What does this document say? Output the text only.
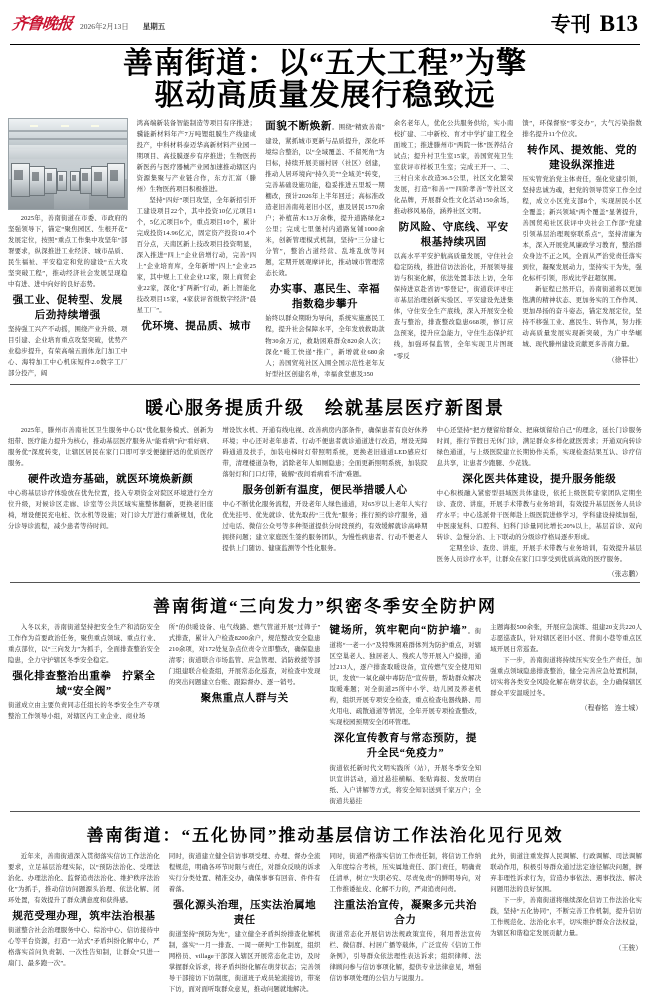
齐鲁晚报 2026年2月13日 星期五	专刊 B13
善南街道：以“五大工程”为擎
驱动高质量发展行稳致远

2025年，善南街道在市委、市政府的坚强领导下，锚定“聚焦园区、生根开花”发展定位，按照“重点工作集中攻坚年”部署要求，纵深推进工业经济、城市品质、民生福祉、平安稳定和党的建设“五大攻坚突破工程”，推动经济社会发展呈现稳中有进、进中向好的良好态势。

强工业、促转型、发展后劲持续增强

坚持强工兴产不动摇，围绕产业升级、项目引建、企业培育重点攻坚突破，优势产业稳步提升，有荣高端五面体龙门加工中心、海特加工中心机床短件2.0数字工厂部分投产，阔

鸿高端新装备智能制造等项目有序推进；骥能新材料年产7万吨锂组膜生产线建成投产，中科材料泰迈华高新材料产业园一期项目、高技膜逐步有序推进；生物医药新医药与医疗器械产业园加速推动辖区内资源集聚与产业链合作，东方汇富（滕州）生物医药项目积极推进。

坚持“四好”项目攻坚，全年新招引开工建设项目22个，其中投资10亿元项目1个，5亿元项目6个，重点项目10个，累计完成投资14.96亿元，固定资产投资10.4个百分点，天南区新上技改项目投资明显，深入推进“四上”企业倍增行动，完善“四上”企业培育库，全年新增“四上”企业25家，其中规上工业企业12家，限上商贸企业22家，深化“扩两新”行动，新上智能化技改项目15家，4家获评省级数字经济“晨星工厂”。

优环境、提品质、城市

面貌不断焕新。围绕“精致善南”建设，紧抓城市更新与品质提升，深化环境综合整治，以“全域覆盖、不留死角”为目标，持续开展美丽村居（社区）创建，推动人居环境向“持久美”“全域美”转变，完善基础设施功能，稳妥推进五里坂一期棚改，预计2026年上半年回迁；高标准改造老旧善南苑老旧小区，惠及居民1570余户；补植苗木13万余株，提升道路绿化2公里；完成七里堡村内道路复铺1000余米，创新管理模式机制，坚持“三分建七分管”，整治占道经营、乱堆乱放等问题，定期开展观摩评比，推动城市管理常态长效。

办实事、惠民生、幸福指数稳步攀升

始终以群众期盼为导向，系统实施惠民工程，提升社会保障水平，全年发放救助款物30余万元，救助困难群众820余人次；深化“暖工快递”推广，新增就业680余人；善国贸苑社区入围全国示范性老年友好型社区创建名单，幸福食堂惠及350

余名老年人，优化公共服务供给，实小南校扩建、二中新校、育才中学扩建工程全面竣工；推进滕州市“两院一体”医养结合试点；提升村卫生室15家，善国贸苑卫生室获评市样板卫生室；完成王开一、二、三村自来水改造36.5公里，社区文化繁荣发展，打造“和善+”“四阶孝善”等社区文化品牌，开展群众性文化活动150余场，推动移风易俗，涵养社区文明。

防风险、守底线、平安根基持续巩固

以高水平平安护航高质量发展，守住社会稳定防线，推进信访法治化，开展领导接访与积案化解，依法处置非法上访，全年保持进京赴省访“零登记”，街道获评枣庄市基层治理创新实验区、平安建设先进集体，守住安全生产底线，深入开展安全检查与整治，排查整改隐患668项，修订应急预案，提升应急能力，守住生态保护红线，加强环保监管，全年实现卫片图斑“零反

馈”，环保督察“零交办”，大气污染指数排名提升11个位次。

转作风、提效能、党的建设纵深推进

压实管党治党主体责任，强化党建引领，坚持忠诚为魂，把党的领导贯穿工作全过程，成立小区党支部8个，实现居民小区全覆盖；新兴领域“两个覆盖”显著提升，善国贸苑社区获评中央社会工作部“党建引领基层治理观察联系点”，坚持清廉为本，深入开展党风廉政学习教育，整治群众身边不正之风，全面从严治党责任落实到位，凝聚发展动力，坚持实干为先，强化标杆引领，形成比学赶超氛围。

新征程已然开启，善南街道将以更加饱满的精神状态、更加务实的工作作风、更加昂扬的奋斗姿态，锚定发展定位，坚持不移强工业、惠民生、转作风，努力推动高质量发展实现新突破，为广中华崛城、现代滕州建设贡献更多善南力量。

（徐祥壮）
暖心服务提质升级　绘就基层医疗新图景

2025年，滕州市善南社区卫生服务中心以“优化服务模式、创新为纽带、医疗能力提升为核心，推动基层医疗服务从“能看病”向“看好病、服务优”深度转变，让辖区居民在家门口即可享受便捷舒适的优质医疗服务。

硬件改造夯基础，就医环境焕新颜

中心将基层诊疗体验放在优先位置，投入专项资金对院区环境进行全方位升级，对候诊区走廊、诊室等公共区域实施整体翻新，更换老旧座椅，增设便民充电桩、饮水机等设施；对门诊大厅进行重新规划，优化分诊导诊流程，减少患者等待时间。

增设饮水机、开通有线电视、改善病房内部条件，确保患者有良好休养环境；中心还对老年患者、行动不便患者就诊通道进行改造，增设无障碍通道及扶手，加装电梯时灯带照明系统，更换老旧通道LED感应灯带，清理楼道杂物，消除老年人如厕隐患；全面更新照明系统，加装院落射灯和门口灯带，破解“夜间看病看不清”难题。

服务创新有温度，便民举措暖人心

中心不断优化服务流程，开设老年人绿色通道，对65岁以上老年人实行优先挂号、优先就诊、优先取药“三优先”服务；推行预约诊疗服务，通过电话、微信公众号等多种渠道提供分时段预约，有效缓解就诊高峰期拥挤问题；建立家庭医生签约服务团队，为慢性病患者、行动不便老人提供上门随访、健康监测等个性化服务。

中心还坚持“把方便留给群众、把麻烦留给自己”的理念，延长门诊服务时间，推行节假日无休门诊，满足群众多样化就医需求；开通双向转诊绿色通道，与上级医院建立长期协作关系，实现检查结果互认、诊疗信息共享，让患者少跑腿、少花钱。

深化医共体建设，提升服务能级

中心积极融入紧密型县域医共体建设，依托上级医院专家团队定期坐诊、查房、讲座，开展手术带教与业务培训，有效提升基层医务人员诊疗水平；中心选派骨干医师赴上级医院进修学习，学科建设持续加强，中医康复科、口腔科、妇科门诊量同比增长20%以上，基层首诊、双向转诊、急慢分治、上下联动的分级诊疗格局逐步形成。

定期坐诊、查房、讲座，开展手术带教与业务培训，有效提升基层医务人员诊疗水平，让群众在家门口享受到优质高效的医疗服务。

（张志鹏）
善南街道“三向发力”织密冬季安全防护网

入冬以来，善南街道坚持把安全生产和消防安全工作作为首要政治任务，聚焦重点领域、重点行业、重点部位，以“三向发力”为抓手，全面排查整治安全隐患，全力守护辖区冬季安全稳定。

强化排查整治出重拳　拧紧全域“安全阀”

街道成立由主要负责同志任组长的冬季安全生产专项整治工作领导小组，对辖区内工业企业、商业场

所”的供暖设备、电气线路、燃气管道开展“过筛子”式排查，累计入户检查8200余户，规范整改安全隐患210余项，对172处复杂点位责令立即整改，确保隐患清零；街道联合市场监管、应急管理、消防救援等部门组建联合检查组，开展常态化巡查，对检查中发现的突出问题建立台账、跟踪督办、逐一销号。

聚焦重点人群与关

键场所，筑牢靶向“防护墙”。街道将“一老一小”及特殊困难群体列为防护重点，对辖区空巢老人、独居老人、残疾人等开展入户摸排，通过213人，逐户排查取暖设备，宣传燃气安全使用知识，发放“一氧化碳中毒防范”宣传册，帮助群众解决取暖难题；对全街道25所中小学、幼儿园及养老机构，组织开展专项安全检查，重点检查电器线路、用火用电、疏散通道等情况，全年开展专项检查整改，实现校园预期安全闭环管理。

深化宣传教育与常态预防，提升全民“免疫力”

街道依托新时代文明实践所（站），开展冬季安全知识宣讲活动，通过悬挂横幅、张贴海报、发放明白纸、入户讲解等方式，将安全知识送到千家万户；全街道共悬挂

主题海报500余张，开展应急演练、组建20支共220人志愿巡查队，针对辖区老旧小区、背街小巷等重点区域开展日常巡查。

下一步，善南街道将持续压实安全生产责任，加强重点领域隐患排查整治，健全完善应急处置机制，切实将各类安全风险化解在萌芽状态，全力确保辖区群众平安温暖过冬。

（程春铭　连士城）
善南街道：“五化协同”推动基层信访工作法治化见行见效

近年来，善南街道深入贯彻落实信访工作法治化要求，立足基层治理实际，以“预防法治化、受理法治化、办理法治化、监督追责法治化、维护秩序法治化”为抓手，推动信访问题源头治理、依法化解、闭环处置，有效提升了群众满意度和获得感。

规范受理办理，筑牢法治根基

街道整合社会治理服务中心、综治中心、信访接待中心等平台资源，打造“一站式”矛盾纠纷化解中心，严格落实首问负责制、一次性告知制，让群众“只进一扇门、最多跑一次”。

同时，街道建立健全信访事项受理、办理、督办全流程规范，明确各环节时限与责任，对群众反映的诉求实行分类处置、精准交办，确保事事有回音、件件有着落。

强化源头治理，压实法治属地责任

街道坚持“预防为先”，建立健全矛盾纠纷排查化解机制，落实“一月一排查、一周一研判”工作制度，组织网格员、village干部深入辖区开展常态化走访，及时掌握群众诉求，将矛盾纠纷化解在萌芽状态；完善领导干部接访下访制度，街道班子成员轮流接访，带案下访，面对面听取群众意见，推动问题就地解决。

同时，街道严格落实信访工作责任制，将信访工作纳入年度综合考核，压实属地责任、部门责任，明确责任清单，树立“失职必究、尽责免责”的鲜明导向，对工作推诿扯皮、化解不力的，严肃追责问责。

注重法治宣传，凝聚多元共治合力

街道常态化开展信访法规政策宣传，利用普法宣传栏、微信群、村居广播等载体，广泛宣传《信访工作条例》，引导群众依法理性表达诉求；组织律师、法律顾问参与信访事项化解，提供专业法律意见，增强信访事项处理的公信力与说服力。

此外，街道注重发挥人民调解、行政调解、司法调解联动作用，积极引导群众通过法定途径解决问题，摒弃非理性诉求行为，营造办事依法、遇事找法、解决问题用法的良好氛围。

下一步，善南街道将继续深化信访工作法治化实践，坚持“五化协同”，不断完善工作机制，提升信访工作规范化、法治化水平，切实维护群众合法权益，为辖区和谐稳定发展贡献力量。

（王骏）
